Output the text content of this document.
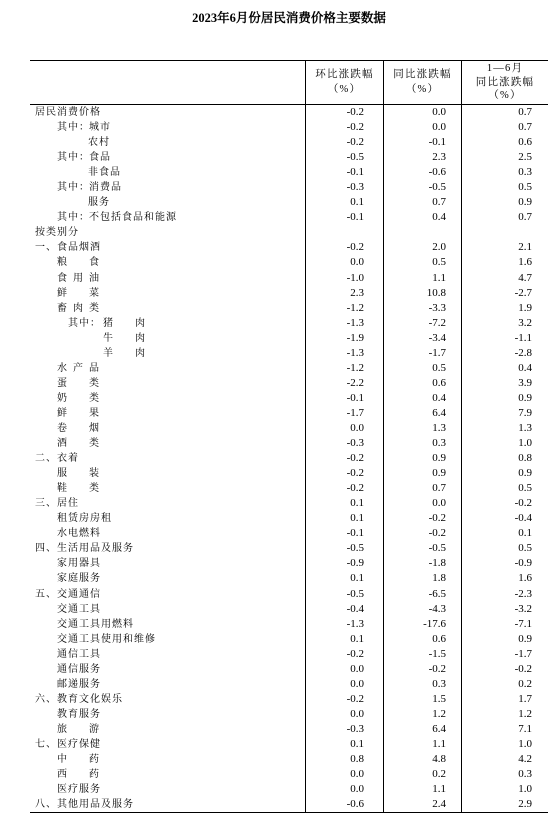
2023年6月份居民消费价格主要数据
环比涨跌幅
（%）
同比涨跌幅
（%）
1—6月
同比涨跌幅
（%）
居民消费价格	-0.2	0.0	0.7
其中： 城市	-0.2	0.0	0.7
农村	-0.2	-0.1	0.6
其中： 食品	-0.5	2.3	2.5
非食品	-0.1	-0.6	0.3
其中： 消费品	-0.3	-0.5	0.5
服务	0.1	0.7	0.9
其中： 不包括食品和能源	-0.1	0.4	0.7
按类别分
一、食品烟酒	-0.2	2.0	2.1
粮 食	0.0	0.5	1.6
食 用 油	-1.0	1.1	4.7
鲜 菜	2.3	10.8	-2.7
畜 肉 类	-1.2	-3.3	1.9
其中： 猪 肉	-1.3	-7.2	3.2
牛 肉	-1.9	-3.4	-1.1
羊 肉	-1.3	-1.7	-2.8
水 产 品	-1.2	0.5	0.4
蛋 类	-2.2	0.6	3.9
奶 类	-0.1	0.4	0.9
鲜 果	-1.7	6.4	7.9
卷 烟	0.0	1.3	1.3
酒 类	-0.3	0.3	1.0
二、衣着	-0.2	0.9	0.8
服 装	-0.2	0.9	0.9
鞋 类	-0.2	0.7	0.5
三、居住	0.1	0.0	-0.2
租赁房房租	0.1	-0.2	-0.4
水电燃料	-0.1	-0.2	0.1
四、生活用品及服务	-0.5	-0.5	0.5
家用器具	-0.9	-1.8	-0.9
家庭服务	0.1	1.8	1.6
五、交通通信	-0.5	-6.5	-2.3
交通工具	-0.4	-4.3	-3.2
交通工具用燃料	-1.3	-17.6	-7.1
交通工具使用和维修	0.1	0.6	0.9
通信工具	-0.2	-1.5	-1.7
通信服务	0.0	-0.2	-0.2
邮递服务	0.0	0.3	0.2
六、教育文化娱乐	-0.2	1.5	1.7
教育服务	0.0	1.2	1.2
旅 游	-0.3	6.4	7.1
七、医疗保健	0.1	1.1	1.0
中 药	0.8	4.8	4.2
西 药	0.0	0.2	0.3
医疗服务	0.0	1.1	1.0
八、其他用品及服务	-0.6	2.4	2.9
